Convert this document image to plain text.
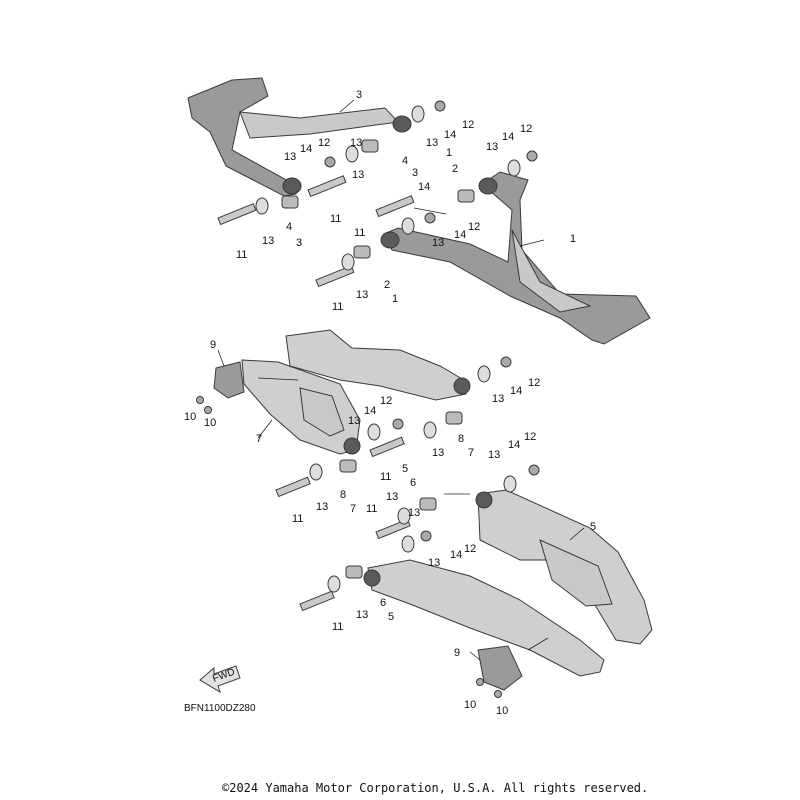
FWD
BFN1100DZ280
3
13
14
12
13
14 12 13
4
3
13
11
1
2
13
14
12
14
12
11
13
14	1
11
13
4
3
11
13
2
1
9
10 10
7
14
12
13
13
14
12
8
7
13
11
5
6
13
14
12
11
13
8
7
13
11	13
13
14 12
5
11
13
6
5
9
10 10
©2024 Yamaha Motor Corporation, U.S.A. All rights reserved.
